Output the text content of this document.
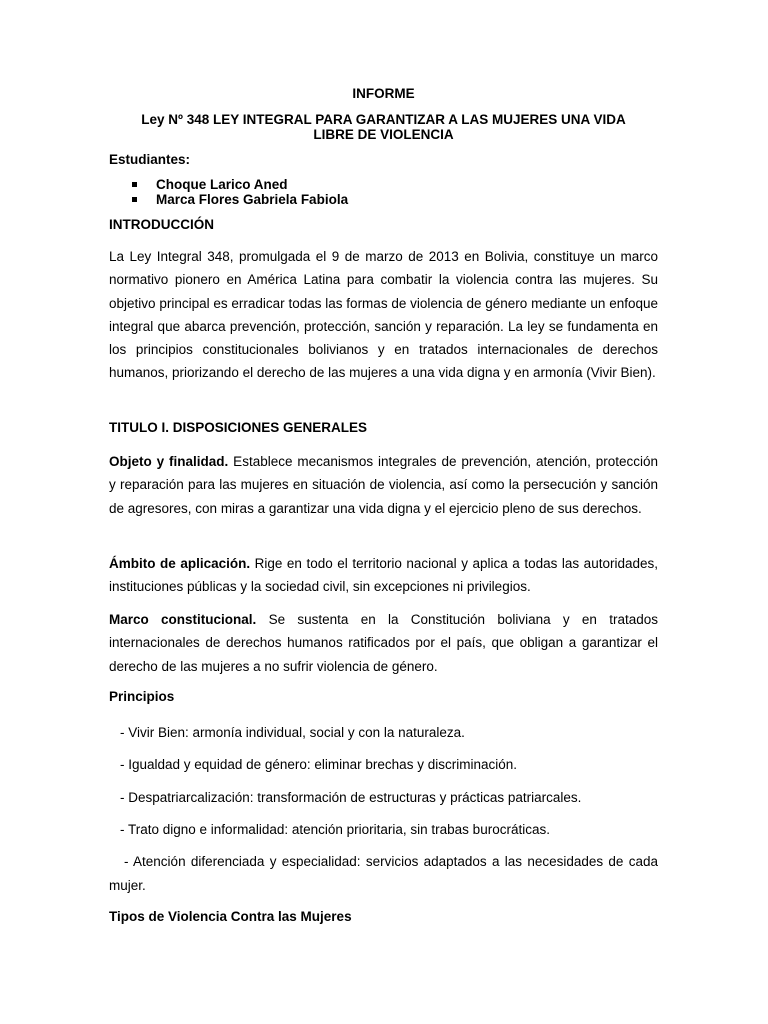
INFORME
Ley Nº 348 LEY INTEGRAL PARA GARANTIZAR A LAS MUJERES UNA VIDA
LIBRE DE VIOLENCIA
Estudiantes:
Choque Larico Aned
Marca Flores Gabriela Fabiola
INTRODUCCIÓN
La Ley Integral 348, promulgada el 9 de marzo de 2013 en Bolivia, constituye un marco normativo pionero en América Latina para combatir la violencia contra las mujeres. Su objetivo principal es erradicar todas las formas de violencia de género mediante un enfoque integral que abarca prevención, protección, sanción y reparación. La ley se fundamenta en los principios constitucionales bolivianos y en tratados internacionales de derechos humanos, priorizando el derecho de las mujeres a una vida digna y en armonía (Vivir Bien).
TITULO I. DISPOSICIONES GENERALES
Objeto y finalidad. Establece mecanismos integrales de prevención, atención, protección y reparación para las mujeres en situación de violencia, así como la persecución y sanción de agresores, con miras a garantizar una vida digna y el ejercicio pleno de sus derechos.
Ámbito de aplicación. Rige en todo el territorio nacional y aplica a todas las autoridades, instituciones públicas y la sociedad civil, sin excepciones ni privilegios.
Marco constitucional. Se sustenta en la Constitución boliviana y en tratados internacionales de derechos humanos ratificados por el país, que obligan a garantizar el derecho de las mujeres a no sufrir violencia de género.
Principios
- Vivir Bien: armonía individual, social y con la naturaleza.
- Igualdad y equidad de género: eliminar brechas y discriminación.
- Despatriarcalización: transformación de estructuras y prácticas patriarcales.
- Trato digno e informalidad: atención prioritaria, sin trabas burocráticas.
- Atención diferenciada y especialidad: servicios adaptados a las necesidades de cada mujer.
Tipos de Violencia Contra las Mujeres
